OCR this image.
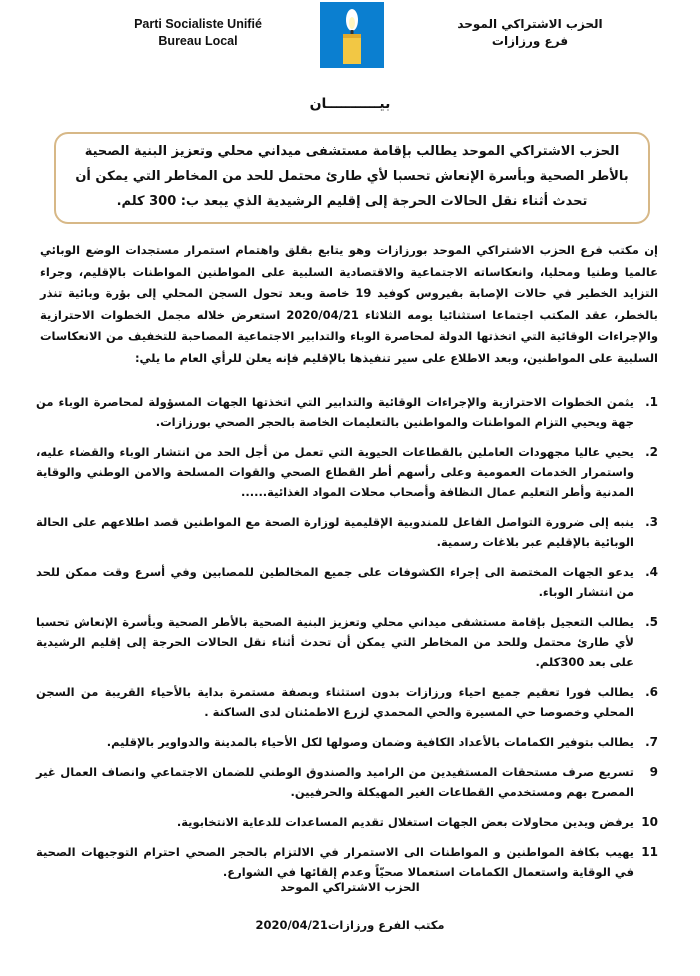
Parti Socialiste Unifié
Bureau Local
الحزب الاشتراكي الموحد
فرع ورزازات
بيـــــــــــان
الحزب الاشتراكي الموحد يطالب بإقامة مستشفى ميداني محلي وتعزيز البنية الصحية بالأطر الصحية وبأسرة الإنعاش تحسبا لأي طارئ محتمل للحد من المخاطر التي يمكن أن تحدث أثناء نقل الحالات الحرجة إلى إقليم الرشيدية الذي يبعد ب: 300 كلم.
إن مكتب فرع الحزب الاشتراكي الموحد بورزازات وهو يتابع بقلق واهتمام استمرار مستجدات الوضع الوبائي عالميا وطنيا ومحليا، وانعكاساته الاجتماعية والاقتصادية السلبية على المواطنين المواطنات بالإقليم، وجراء التزايد الخطير في حالات الإصابة بفيروس كوفيد 19 خاصة وبعد تحول السجن المحلي إلى بؤرة وبائية تنذر بالخطر، عقد المكتب اجتماعا استثنائيا يومه الثلاثاء 2020/04/21 استعرض خلاله مجمل الخطوات الاحترازية والإجراءات الوقائية التي اتخذتها الدولة لمحاصرة الوباء والتدابير الاجتماعية المصاحبة للتخفيف من الانعكاسات السلبية على المواطنين، وبعد الاطلاع على سير تنفيذها بالإقليم فإنه يعلن للرأي العام ما يلي:
1.
يثمن الخطوات الاحترازية والإجراءات الوقائية والتدابير التي اتخذتها الجهات المسؤولة لمحاصرة الوباء من جهة ويحيي التزام المواطنات والمواطنين بالتعليمات الخاصة بالحجر الصحي بورزازات.
2.
يحيي عاليا مجهودات العاملين بالقطاعات الحيوية التي تعمل من أجل الحد من انتشار الوباء والقضاء عليه، واستمرار الخدمات العمومية وعلى رأسهم أطر القطاع الصحي والقوات المسلحة والامن الوطني والوقاية المدنية وأطر التعليم عمال النظافة وأصحاب محلات المواد الغذائية......
3.
ينبه إلى ضرورة التواصل الفاعل للمندوبية الإقليمية لوزارة الصحة مع المواطنين قصد اطلاعهم على الحالة الوبائية بالإقليم عبر بلاغات رسمية.
4.
يدعو الجهات المختصة الى إجراء الكشوفات على جميع المخالطين للمصابين وفي أسرع وقت ممكن للحد من انتشار الوباء.
5.
يطالب التعجيل بإقامة مستشفى ميداني محلي وتعزيز البنية الصحية بالأطر الصحية وبأسرة الإنعاش تحسبا لأي طارئ محتمل وللحد من المخاطر التي يمكن أن تحدث أثناء نقل الحالات الحرجة إلى إقليم الرشيدية على بعد 300كلم.
6.
يطالب فورا تعقيم جميع احياء ورزازات بدون استثناء وبصفة مستمرة بداية بالأحياء القريبة من السجن المحلي وخصوصا حي المسيرة والحي المحمدي لزرع الاطمئنان لدى الساكنة .
7.
يطالب بتوفير الكمامات بالأعداد الكافية وضمان وصولها لكل الأحياء بالمدينة والدواوير بالإقليم.
9
تسريع صرف مستحقات المستفيدين من الراميد والصندوق الوطني للضمان الاجتماعي وانصاف العمال غير المصرح بهم ومستخدمي القطاعات الغير المهيكلة والحرفيين.
10
يرفض ويدين محاولات بعض الجهات استغلال تقديم المساعدات للدعاية الانتخابوية.
11
يهيب بكافة المواطنين و المواطنات الى الاستمرار في الالتزام بالحجر الصحي احترام التوجيهات الصحية في الوقاية واستعمال الكمامات استعمالا صحيّاً وعدم إلقائها في الشوارع.
الحزب الاشتراكي الموحد
مكتب الفرع ورزازات2020/04/21
